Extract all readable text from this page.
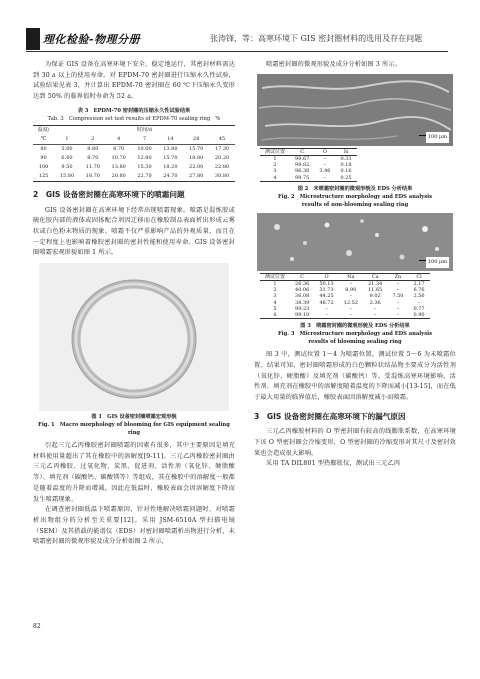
理化检验-物理分册	张涛锋，等：高寒环境下 GIS 密封圈材料的选用及存在问题

为保证 GIS 设备在高寒环境下安全、稳定地运行，其密封材料需达到 30 a 以上的使用寿命。对 EPDM-70 密封圈进行压缩永久性试验，试验结果见表 3，并计算出 EPDM-70 密封圈在 60 ℃下压缩永久变形达到 50% 的临界值时寿命为 52 a。

表 3　EPDM-70 密封圈的压缩永久性试验结果

Tab. 3　Compression set test results of EPDM-70 sealing ring　%

温度/	时间/d						
℃	1	2	4	7	14	28	45
80	5.00	8.80	8.70	10.00	13.80	15.70	17.30
90	6.60	8.70	10.70	12.80	15.70	18.80	20.20
100	9.50	11.70	13.80	15.30	18.20	22.00	22.80
125	15.80	18.70	20.80	22.70	24.70	27.80	30.80
2　GIS 设备密封圈在高寒环境下的喷霜问题

GIS 设备密封圈在高寒环境下经常出现喷霜现象。喷霜是混炼胶或硫化胶内部的液体或固体配合剂因迁移而在橡胶制品表面析出形成云雾状或白色粉末物质的现象。喷霜不仅严重影响产品的外观质量，而且在一定程度上也影响着橡胶密封圈的密封性能和使用寿命。GIS 设备密封圈喷霜宏观形貌如图 1 所示。

图 1　GIS 设备密封圈喷霜宏观形貌

Fig. 1　Macro morphology of blooming for GIS equipment sealing ring

引起三元乙丙橡胶密封圈喷霜的因素有很多，其中主要原因是填充材料使用量超出了其在橡胶中的溶解度[9-11]。三元乙丙橡胶密封圈由三元乙丙橡胶、过氧化物、炭黑、促进剂、活性剂（氧化锌、硬脂酸等）、填充剂（碳酸钙、碳酸镁等）等组成，其在橡胶中的溶解度一般都是随着温度的升降而增减，因此在低温时，橡胶表面会因溶解度下降而发生喷霜现象。

在调查密封圈低温下喷霜原因，针对性地解决喷霜问题时，对喷霜析出物组分的分析至关重要[12]。采用 JSM-6510A 型扫描电镜（SEM）及其搭载的能谱仪（EDS）对密封圈喷霜析出物进行分析，未喷霜密封圈的微观形貌及成分分析如图 2 所示，

82

喷霜密封圈的微观形貌及成分分析如图 3 所示。

100 μm
测试位置	C	O	Si
1	99.67	–	0.33
2	99.82	–	0.18
3	96.38	3.46	0.16
4	99.75	–	0.25

图 2　未喷霜密封圈的微观形貌及 EDS 分析结果

Fig. 2　Microstructure morphology and EDS analysis

results of non-blooming sealing ring

100 μm
测试位置	C	O	Na	Ca	Zn	Cl
1	26.36	50.13	–	21.34	–	2.17
2	40.06	31.73	8.90	11.65	–	6.76
3	36.08	44.25	–	9.02	7.50	2.56
4	38.39	46.72	12.52	2.36	–	–
5	99.23	–	–	–	–	0.77
6	99.10	–	–	–	–	0.90

图 3　喷霜密封圈的微观形貌及 EDS 分析结果

Fig. 3　Microstructure morphology and EDS analysis

results of blooming sealing ring

图 3 中，测试位置 1～4 为喷霜位置，测试位置 5～6 为未喷霜位置。结果可知，密封圈喷霜形成的白色颗粒状结晶物主要成分为活性剂（氧化锌、硬脂酸）及填充剂（碳酸钙）等。受混炼高寒环境影响，活性剂、填充剂在橡胶中的溶解度随着温度的下降而减小[13-15]，而在低于最大用量的临界值后，橡胶表面因溶解度减小而喷霜。

3　GIS 设备密封圈在高寒环境下的漏气原因

三元乙丙橡胶材料的 O 型密封圈有较高的线膨胀系数，在高寒环境下该 O 型密封圈会冷缩变形，O 型密封圈的冷缩变形对其尺寸及密封效果也会造成很大影响。

采用 TA DIL801 型热膨胀仪，测试出三元乙丙
